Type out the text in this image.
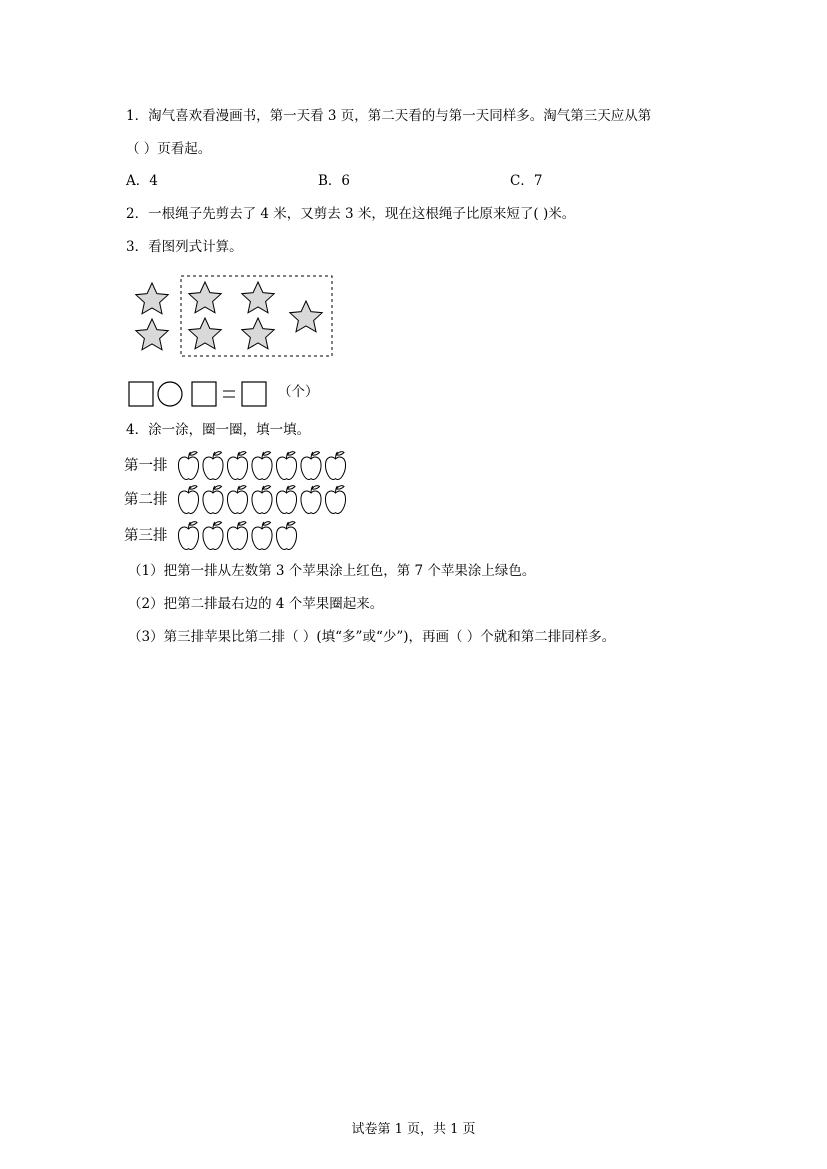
1．淘气喜欢看漫画书，第一天看 3 页，第二天看的与第一天同样多。淘气第三天应从第
（ ）页看起。
A．4	B．6	C．7
2．一根绳子先剪去了 4 米，又剪去 3 米，现在这根绳子比原来短了( )米。
3．看图列式计算。
（个）
4．涂一涂，圈一圈，填一填。
第一排
第二排
第三排
（1）把第一排从左数第 3 个苹果涂上红色，第 7 个苹果涂上绿色。
（2）把第二排最右边的 4 个苹果圈起来。
（3）第三排苹果比第二排（ ）(填“多”或“少”)，再画（ ）个就和第二排同样多。
试卷第 1 页，共 1 页
